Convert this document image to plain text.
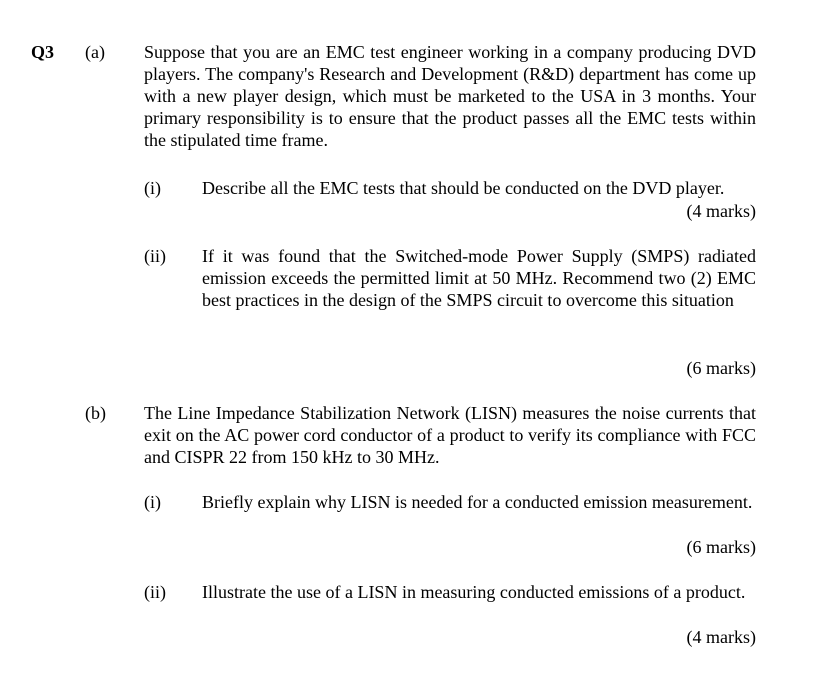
Q3 (a) Suppose that you are an EMC test engineer working in a company producing DVD players. The company's Research and Development (R&D) department has come up with a new player design, which must be marketed to the USA in 3 months. Your primary responsibility is to ensure that the product passes all the EMC tests within the stipulated time frame.
(i) Describe all the EMC tests that should be conducted on the DVD player.
(4 marks)
(ii) If it was found that the Switched-mode Power Supply (SMPS) radiated emission exceeds the permitted limit at 50 MHz. Recommend two (2) EMC best practices in the design of the SMPS circuit to overcome this situation
(6 marks)
(b) The Line Impedance Stabilization Network (LISN) measures the noise currents that exit on the AC power cord conductor of a product to verify its compliance with FCC and CISPR 22 from 150 kHz to 30 MHz.
(i) Briefly explain why LISN is needed for a conducted emission measurement.
(6 marks)
(ii) Illustrate the use of a LISN in measuring conducted emissions of a product.
(4 marks)
